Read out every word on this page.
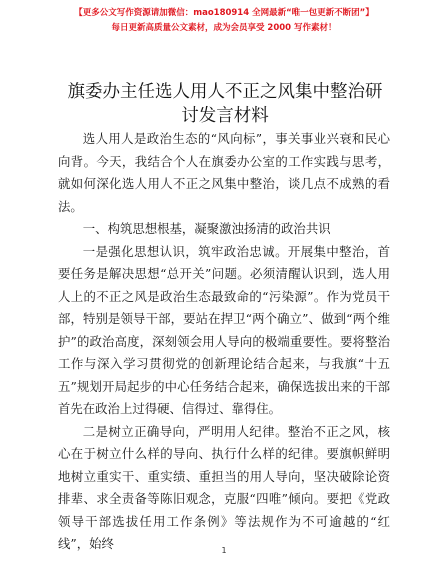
【更多公文写作资源请加微信：mao180914 全网最新“唯一包更新不断团”】
每日更新高质量公文素材，成为会员享受 2000 写作素材！
旗委办主任选人用人不正之风集中整治研讨发言材料

选人用人是政治生态的“风向标”，事关事业兴衰和民心向背。今天，我结合个人在旗委办公室的工作实践与思考，就如何深化选人用人不正之风集中整治，谈几点不成熟的看法。

一、构筑思想根基，凝聚激浊扬清的政治共识

一是强化思想认识，筑牢政治忠诚。开展集中整治，首要任务是解决思想“总开关”问题。必须清醒认识到，选人用人上的不正之风是政治生态最致命的“污染源”。作为党员干部，特别是领导干部，要站在捍卫“两个确立”、做到“两个维护”的政治高度，深刻领会用人导向的极端重要性。要将整治工作与深入学习贯彻党的创新理论结合起来，与我旗“十五五”规划开局起步的中心任务结合起来，确保选拔出来的干部首先在政治上过得硬、信得过、靠得住。

二是树立正确导向，严明用人纪律。整治不正之风，核心在于树立什么样的导向、执行什么样的纪律。要旗帜鲜明地树立重实干、重实绩、重担当的用人导向，坚决破除论资排辈、求全责备等陈旧观念，克服“四唯”倾向。要把《党政领导干部选拔任用工作条例》等法规作为不可逾越的“红线”，始终	1
